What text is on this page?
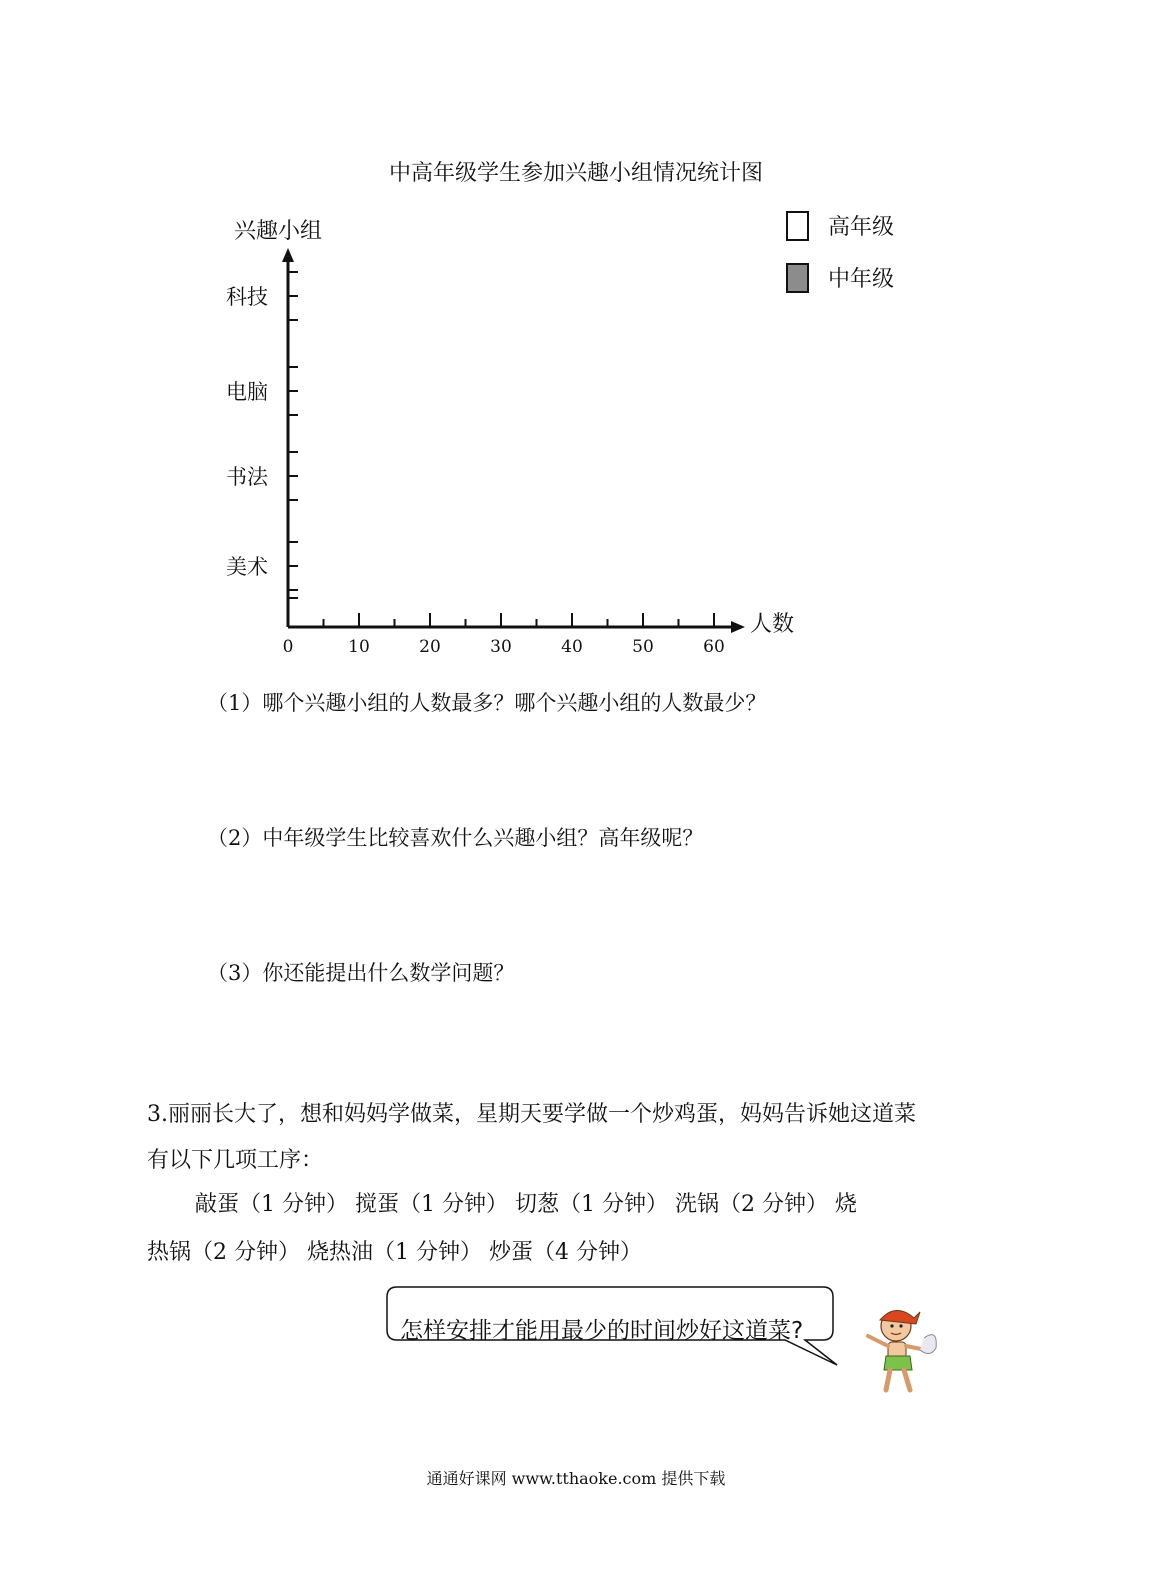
中高年级学生参加兴趣小组情况统计图
0	10	20	30	40	50	60
美术
书法
电脑
科技
兴趣小组
人数
高年级
中年级
（1）哪个兴趣小组的人数最多？哪个兴趣小组的人数最少？
（2）中年级学生比较喜欢什么兴趣小组？高年级呢？
（3）你还能提出什么数学问题？
3.丽丽长大了，想和妈妈学做菜，星期天要学做一个炒鸡蛋，妈妈告诉她这道菜
有以下几项工序：
敲蛋（1 分钟） 搅蛋（1 分钟） 切葱（1 分钟） 洗锅（2 分钟） 烧
热锅（2 分钟） 烧热油（1 分钟） 炒蛋（4 分钟）
怎样安排才能用最少的时间炒好这道菜?
通通好课网 www.tthaoke.com 提供下载
